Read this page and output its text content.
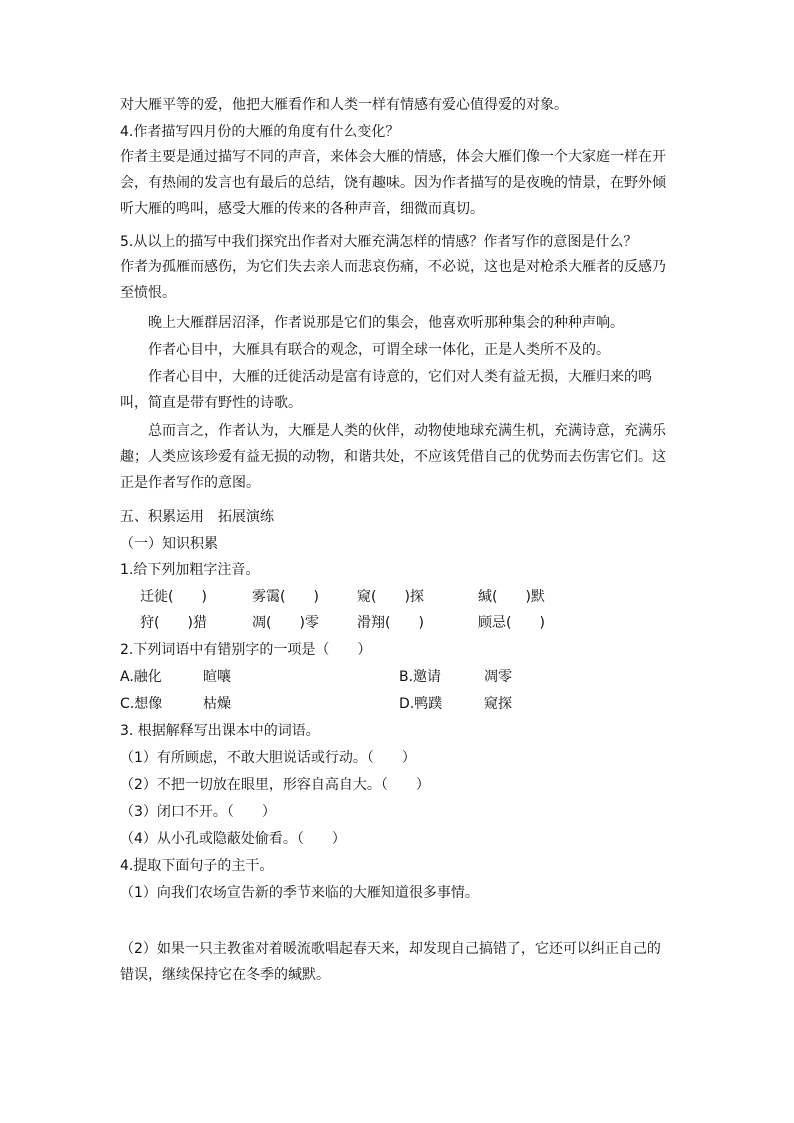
对大雁平等的爱，他把大雁看作和人类一样有情感有爱心值得爱的对象。
4.作者描写四月份的大雁的角度有什么变化？
作者主要是通过描写不同的声音，来体会大雁的情感，体会大雁们像一个大家庭一样在开会，有热闹的发言也有最后的总结，饶有趣味。因为作者描写的是夜晚的情景，在野外倾听大雁的鸣叫，感受大雁的传来的各种声音，细微而真切。
5.从以上的描写中我们探究出作者对大雁充满怎样的情感？作者写作的意图是什么？
作者为孤雁而感伤，为它们失去亲人而悲哀伤痛，不必说，这也是对枪杀大雁者的反感乃至愤恨。
晚上大雁群居沼泽，作者说那是它们的集会，他喜欢听那种集会的种种声响。
作者心目中，大雁具有联合的观念，可谓全球一体化，正是人类所不及的。
作者心目中，大雁的迁徙活动是富有诗意的，它们对人类有益无损，大雁归来的鸣叫，简直是带有野性的诗歌。
总而言之，作者认为，大雁是人类的伙伴，动物使地球充满生机，充满诗意，充满乐趣；人类应该珍爱有益无损的动物，和谐共处，不应该凭借自己的优势而去伤害它们。这正是作者写作的意图。
五、积累运用　拓展演练
（一）知识积累
1.给下列加粗字注音。
迁徙(　　)	雾霭(　　)	窥(　　)探	缄(　　)默
狩(　　)猎	凋(　　)零	滑翔(　　)	顾忌(　　)
2.下列词语中有错别字的一项是（　　）
A.融化	暄嚷	B.邀请	凋零
C.想像	枯燥	D.鸭蹼	窥探
3. 根据解释写出课本中的词语。
（1）有所顾虑，不敢大胆说话或行动。（　　）
（2）不把一切放在眼里，形容自高自大。（　　）
（3）闭口不开。（　　）
（4）从小孔或隐蔽处偷看。（　　）
4.提取下面句子的主干。
（1）向我们农场宣告新的季节来临的大雁知道很多事情。
（2）如果一只主教雀对着暖流歌唱起春天来，却发现自己搞错了，它还可以纠正自己的错误，继续保持它在冬季的缄默。
